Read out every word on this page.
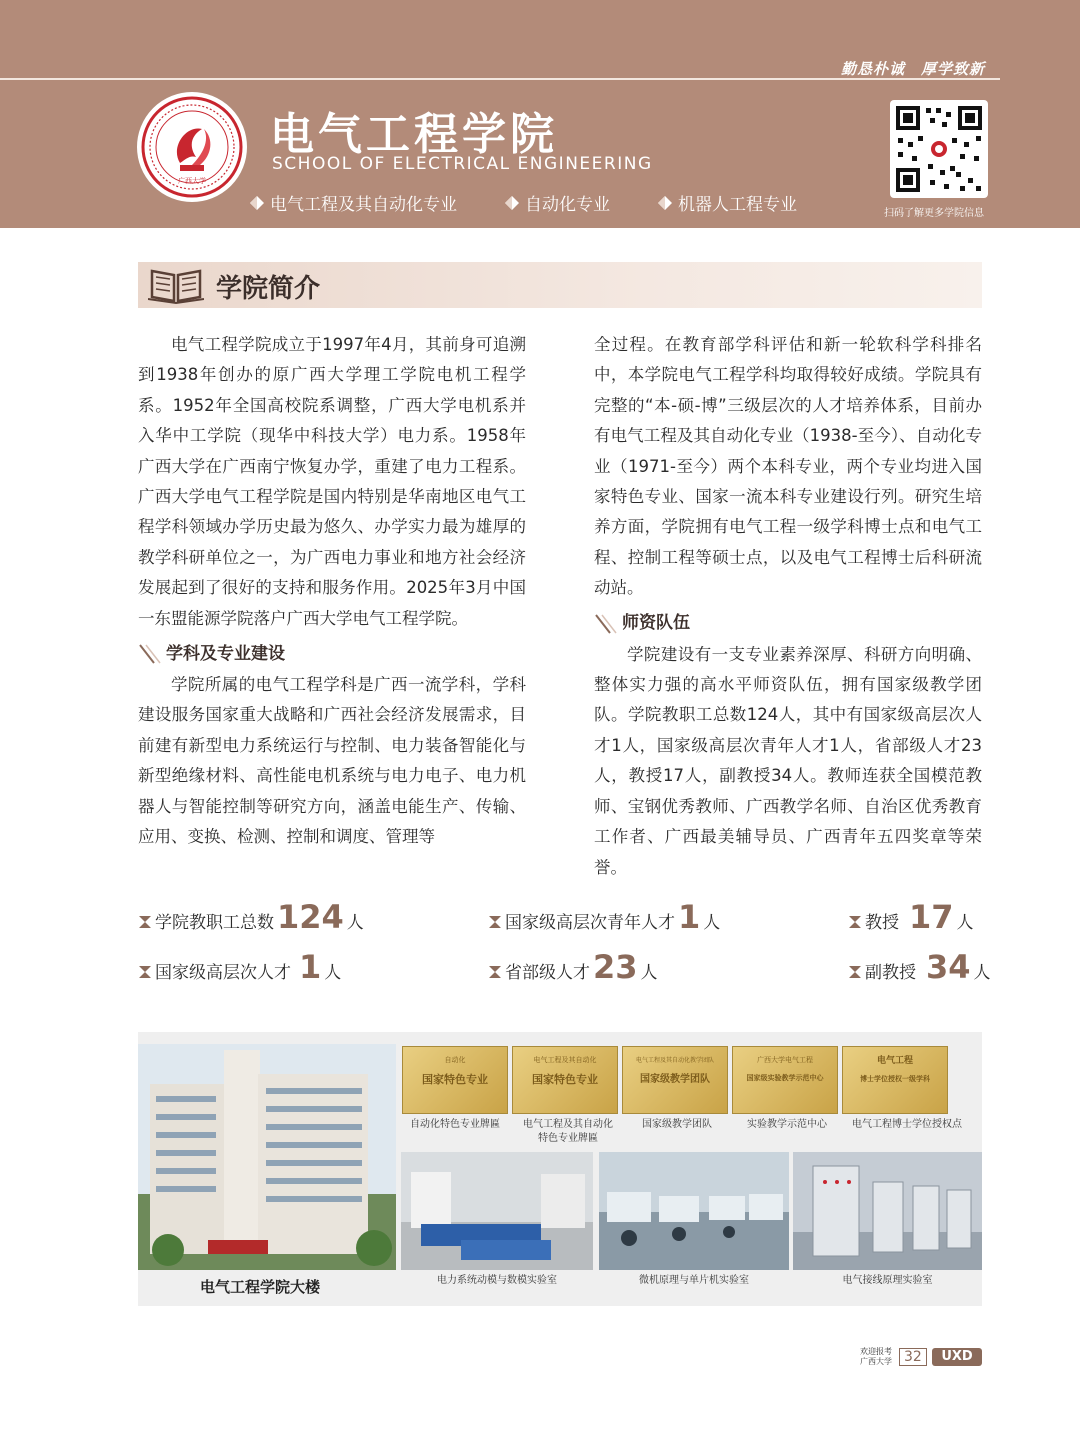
勤恳朴诚　厚学致新
广西大学
电气工程学院
SCHOOL OF ELECTRICAL ENGINEERING
电气工程及其自动化专业	自动化专业	机器人工程专业	扫码了解更多学院信息
学院简介

电气工程学院成立于1997年4月，其前身可追溯到1938年创办的原广西大学理工学院电机工程学系。1952年全国高校院系调整，广西大学电机系并入华中工学院（现华中科技大学）电力系。1958年广西大学在广西南宁恢复办学，重建了电力工程系。广西大学电气工程学院是国内特别是华南地区电气工程学科领域办学历史最为悠久、办学实力最为雄厚的教学科研单位之一，为广西电力事业和地方社会经济发展起到了很好的支持和服务作用。2025年3月中国一东盟能源学院落户广西大学电气工程学院。

学科及专业建设

学院所属的电气工程学科是广西一流学科，学科建设服务国家重大战略和广西社会经济发展需求，目前建有新型电力系统运行与控制、电力装备智能化与新型绝缘材料、高性能电机系统与电力电子、电力机器人与智能控制等研究方向，涵盖电能生产、传输、应用、变换、检测、控制和调度、管理等

全过程。在教育部学科评估和新一轮软科学科排名中，本学院电气工程学科均取得较好成绩。学院具有完整的“本-硕-博”三级层次的人才培养体系，目前办有电气工程及其自动化专业（1938-至今）、自动化专业（1971-至今）两个本科专业，两个专业均进入国家特色专业、国家一流本科专业建设行列。研究生培养方面，学院拥有电气工程一级学科博士点和电气工程、控制工程等硕士点，以及电气工程博士后科研流动站。

师资队伍

学院建设有一支专业素养深厚、科研方向明确、整体实力强的高水平师资队伍，拥有国家级教学团队。学院教职工总数124人，其中有国家级高层次人才1人，国家级高层次青年人才1人，省部级人才23人，教授17人，副教授34人。教师连获全国模范教师、宝钢优秀教师、广西教学名师、自治区优秀教育工作者、广西最美辅导员、广西青年五四奖章等荣誉。

学院教职工总数 124 人	国家级高层次青年人才 1 人	教授 17 人
国家级高层次人才 1 人	省部级人才 23 人	副教授 34 人
电气工程学院大楼
自动化
国家特色专业
电气工程及其自动化
国家特色专业
电气工程及其自动化教学团队
国家级教学团队
广西大学电气工程
国家级实验教学示范中心
电气工程
博士学位授权一级学科
自动化特色专业牌匾	电气工程及其自动化特色专业牌匾
国家级教学团队	实验教学示范中心	电气工程博士学位授权点
电力系统动模与数模实验室	微机原理与单片机实验室	电气接线原理实验室
欢迎报考
广西大学 32	UXD
